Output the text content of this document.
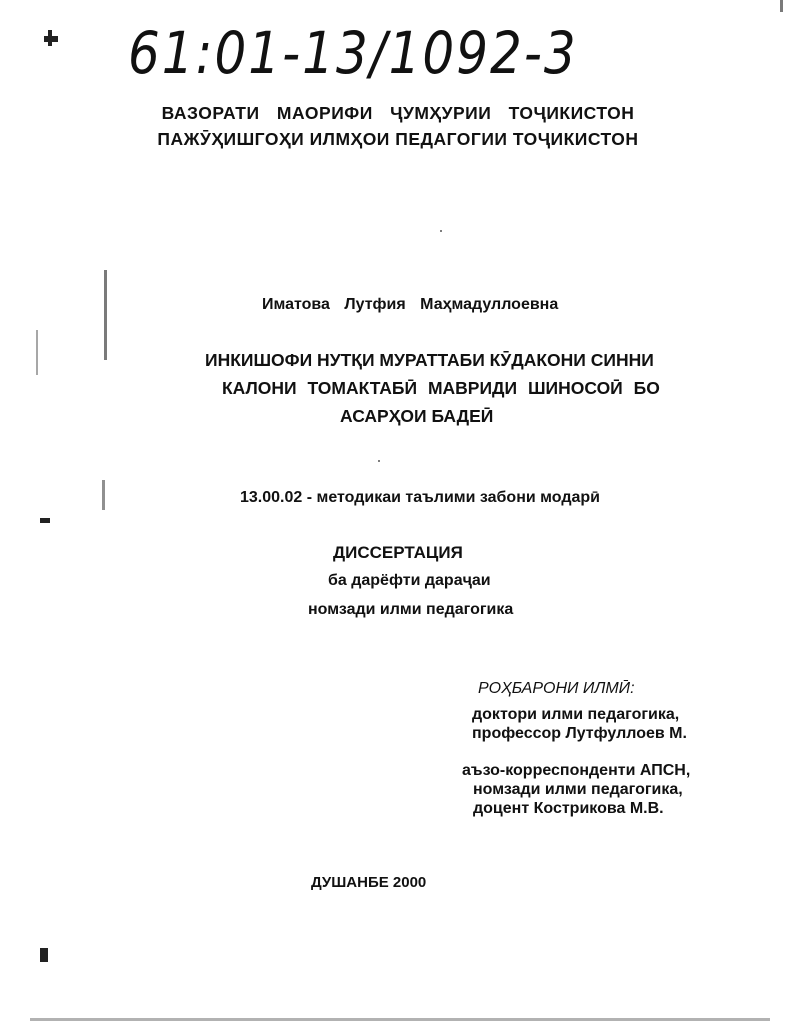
61:01-13/1092-3
ВАЗОРАТИ МАОРИФИ ҶУМҲУРИИ ТОҶИКИСТОН
ПАЖӮҲИШГОҲИ ИЛМҲОИ ПЕДАГОГИИ ТОҶИКИСТОН
Иматова Лутфия Маҳмадуллоевна
ИНКИШОФИ НУТҚИ МУРАТТАБИ КӮДАКОНИ СИННИ
КАЛОНИ ТОМАКТАБӢ МАВРИДИ ШИНОСОӢ БО
АСАРҲОИ БАДЕӢ
13.00.02 - методикаи таълими забони модарӣ
ДИССЕРТАЦИЯ
ба дарёфти дараҷаи
номзади илми педагогика
РОҲБАРОНИ ИЛМӢ:
доктори илми педагогика,
профессор Лутфуллоев М.
аъзо-корреспонденти АПСН,
номзади илми педагогика,
доцент Кострикова М.В.
ДУШАНБЕ 2000
